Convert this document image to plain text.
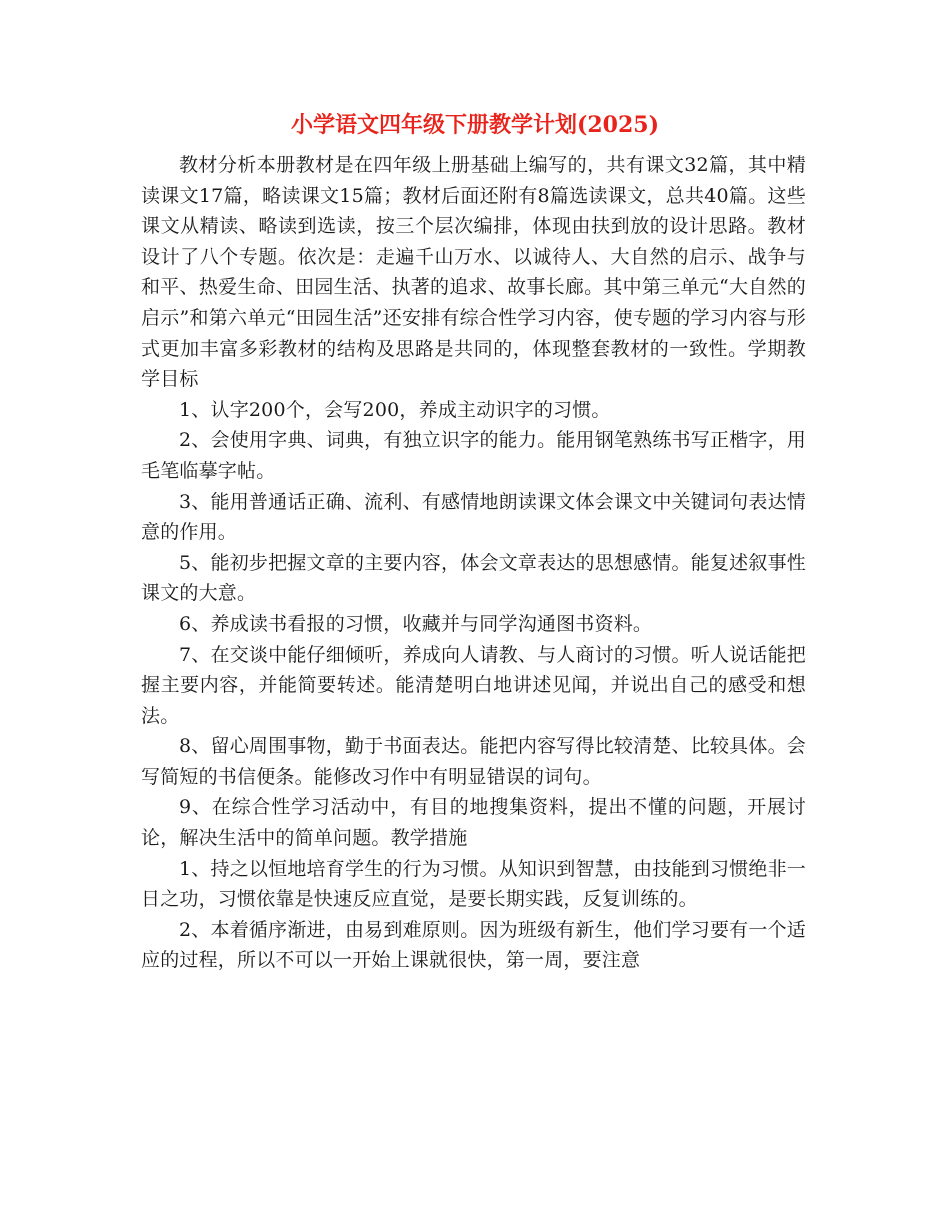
小学语文四年级下册教学计划(2025)

教材分析本册教材是在四年级上册基础上编写的，共有课文32篇，其中精读课文17篇，略读课文15篇；教材后面还附有8篇选读课文，总共40篇。这些课文从精读、略读到选读，按三个层次编排，体现由扶到放的设计思路。教材设计了八个专题。依次是：走遍千山万水、以诚待人、大自然的启示、战争与和平、热爱生命、田园生活、执著的追求、故事长廊。其中第三单元“大自然的启示”和第六单元“田园生活”还安排有综合性学习内容，使专题的学习内容与形式更加丰富多彩教材的结构及思路是共同的，体现整套教材的一致性。学期教学目标

1、认字200个，会写200，养成主动识字的习惯。

2、会使用字典、词典，有独立识字的能力。能用钢笔熟练书写正楷字，用毛笔临摹字帖。

3、能用普通话正确、流利、有感情地朗读课文体会课文中关键词句表达情意的作用。

5、能初步把握文章的主要内容，体会文章表达的思想感情。能复述叙事性课文的大意。

6、养成读书看报的习惯，收藏并与同学沟通图书资料。

7、在交谈中能仔细倾听，养成向人请教、与人商讨的习惯。听人说话能把握主要内容，并能简要转述。能清楚明白地讲述见闻，并说出自己的感受和想法。

8、留心周围事物，勤于书面表达。能把内容写得比较清楚、比较具体。会写简短的书信便条。能修改习作中有明显错误的词句。

9、在综合性学习活动中，有目的地搜集资料，提出不懂的问题，开展讨论，解决生活中的简单问题。教学措施

1、持之以恒地培育学生的行为习惯。从知识到智慧，由技能到习惯绝非一日之功，习惯依靠是快速反应直觉，是要长期实践，反复训练的。

2、本着循序渐进，由易到难原则。因为班级有新生，他们学习要有一个适应的过程，所以不可以一开始上课就很快，第一周，要注意
